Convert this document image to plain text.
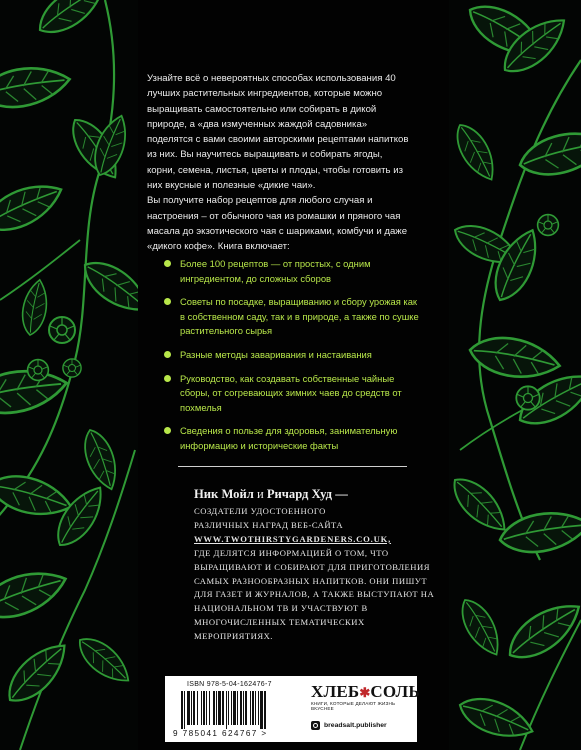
Узнайте всё о невероятных способах использования 40 лучших растительных ингредиентов, которые можно выращивать самостоятельно или собирать в дикой природе, а «два измученных жаждой садовника» поделятся с вами своими авторскими рецептами напитков из них. Вы научитесь выращивать и собирать ягоды, корни, семена, листья, цветы и плоды, чтобы готовить из них вкусные и полезные «дикие чаи».

Вы получите набор рецептов для любого случая и настроения – от обычного чая из ромашки и пряного чая масала до экзотического чая с шариками, комбучи и даже «дикого кофе». Книга включает:

Более 100 рецептов — от простых, с одним ингредиентом, до сложных сборов
Советы по посадке, выращиванию и сбору урожая как в собственном саду, так и в природе, а также по сушке растительного сырья
Разные методы заваривания и настаивания
Руководство, как создавать собственные чайные сборы, от согревающих зимних чаев до средств от похмелья
Сведения о пользе для здоровья, занимательную информацию и исторические факты
Ник Мойл и Ричард Худ —
СОЗДАТЕЛИ УДОСТОЕННОГО
РАЗЛИЧНЫХ НАГРАД ВЕБ-САЙТА
WWW.TWOTHIRSTYGARDENERS.CO.UK,
ГДЕ ДЕЛЯТСЯ ИНФОРМАЦИЕЙ О ТОМ, ЧТО ВЫРАЩИВАЮТ И СОБИРАЮТ ДЛЯ ПРИГОТОВЛЕНИЯ САМЫХ РАЗНООБРАЗНЫХ НАПИТКОВ. ОНИ ПИШУТ ДЛЯ ГАЗЕТ И ЖУРНАЛОВ, А ТАКЖЕ ВЫСТУПАЮТ НА НАЦИОНАЛЬНОМ ТВ И УЧАСТВУЮТ В МНОГОЧИСЛЕННЫХ ТЕМАТИЧЕСКИХ МЕРОПРИЯТИЯХ.
ISBN 978-5-04-162476-7
9 785041 624767 >
ХЛЕБ✱СОЛЬ
КНИГИ, КОТОРЫЕ ДЕЛАЮТ ЖИЗНЬ ВКУСНЕЕ
breadsalt.publisher
